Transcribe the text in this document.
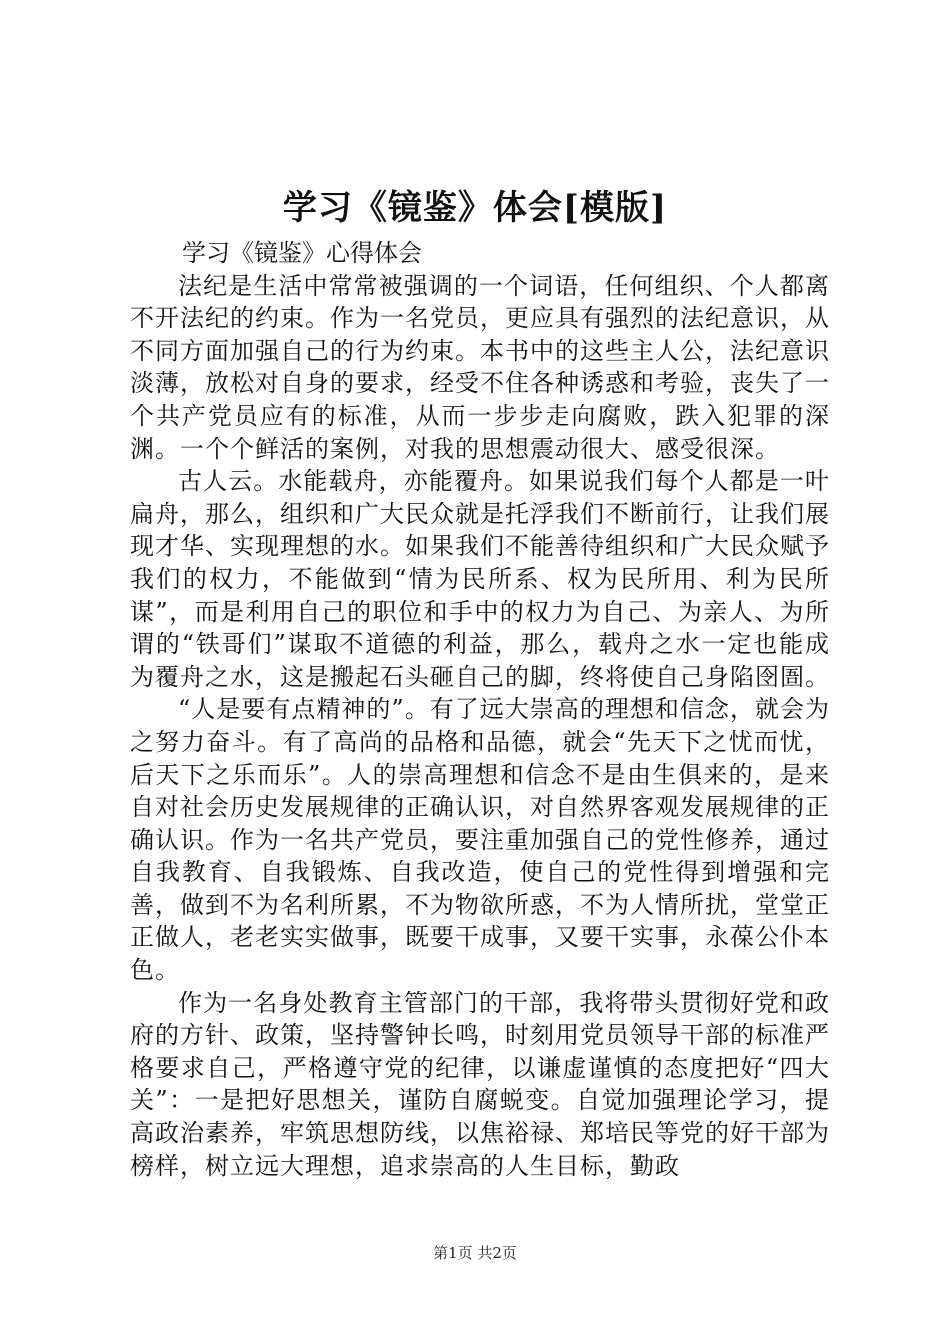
学习《镜鉴》体会[模版]

学习《镜鉴》心得体会

法纪是生活中常常被强调的一个词语，任何组织、个人都离不开法纪的约束。作为一名党员，更应具有强烈的法纪意识，从不同方面加强自己的行为约束。本书中的这些主人公，法纪意识淡薄，放松对自身的要求，经受不住各种诱惑和考验，丧失了一个共产党员应有的标准，从而一步步走向腐败，跌入犯罪的深渊。一个个鲜活的案例，对我的思想震动很大、感受很深。

古人云。水能载舟，亦能覆舟。如果说我们每个人都是一叶扁舟，那么，组织和广大民众就是托浮我们不断前行，让我们展现才华、实现理想的水。如果我们不能善待组织和广大民众赋予我们的权力，不能做到“情为民所系、权为民所用、利为民所谋”，而是利用自己的职位和手中的权力为自己、为亲人、为所谓的“铁哥们”谋取不道德的利益，那么，载舟之水一定也能成为覆舟之水，这是搬起石头砸自己的脚，终将使自己身陷囹圄。

“人是要有点精神的”。有了远大崇高的理想和信念，就会为之努力奋斗。有了高尚的品格和品德，就会“先天下之忧而忧，后天下之乐而乐”。人的崇高理想和信念不是由生俱来的，是来自对社会历史发展规律的正确认识，对自然界客观发展规律的正确认识。作为一名共产党员，要注重加强自己的党性修养，通过自我教育、自我锻炼、自我改造，使自己的党性得到增强和完善，做到不为名利所累，不为物欲所惑，不为人情所扰，堂堂正正做人，老老实实做事，既要干成事，又要干实事，永葆公仆本色。

作为一名身处教育主管部门的干部，我将带头贯彻好党和政府的方针、政策，坚持警钟长鸣，时刻用党员领导干部的标准严格要求自己，严格遵守党的纪律，以谦虚谨慎的态度把好“四大关”：一是把好思想关，谨防自腐蜕变。自觉加强理论学习，提高政治素养，牢筑思想防线，以焦裕禄、郑培民等党的好干部为榜样，树立远大理想，追求崇高的人生目标，勤政

第1页 共2页
